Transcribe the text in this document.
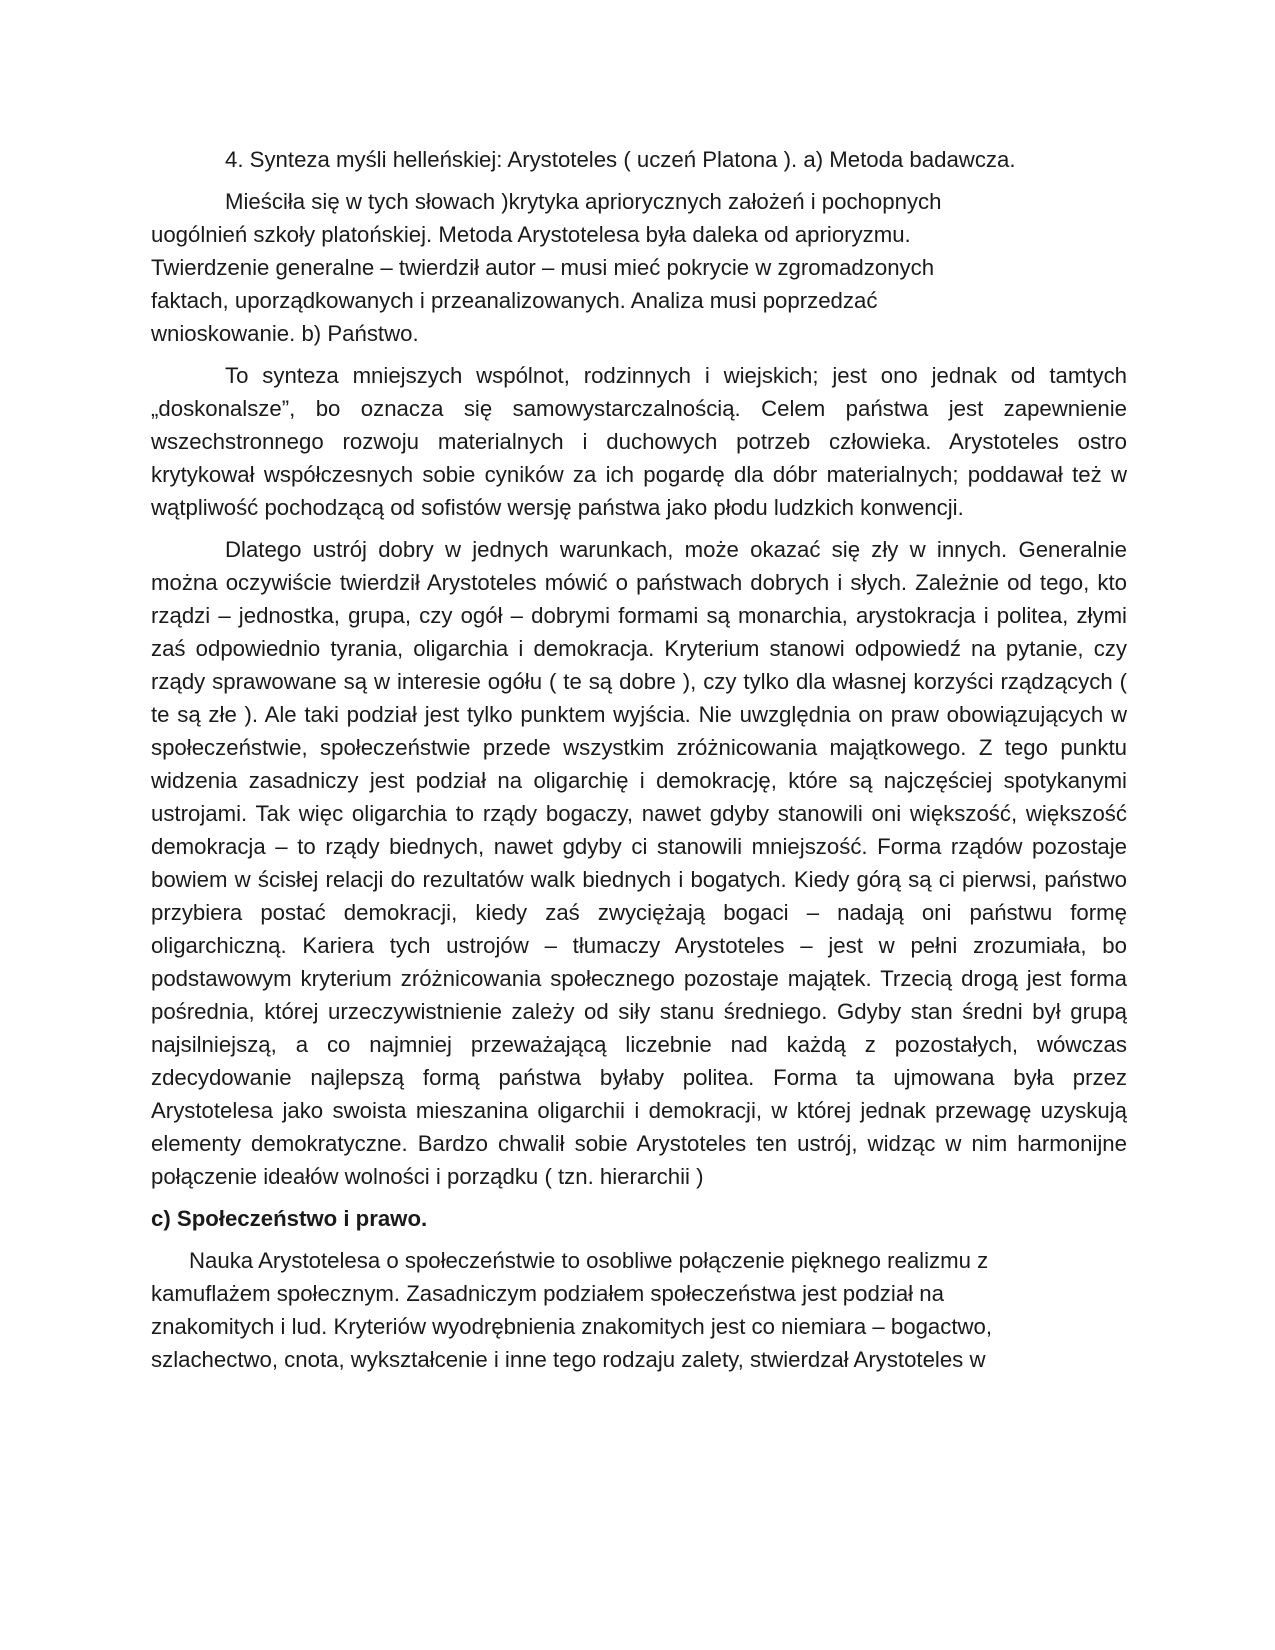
4. Synteza myśli helleńskiej: Arystoteles ( uczeń Platona ). a) Metoda badawcza.

Mieściła się w tych słowach )krytyka apriorycznych założeń i pochopnych

uogólnień szkoły platońskiej. Metoda Arystotelesa była daleka od aprioryzmu.

Twierdzenie generalne – twierdził autor – musi mieć pokrycie w zgromadzonych

faktach, uporządkowanych i przeanalizowanych. Analiza musi poprzedzać

wnioskowanie. b) Państwo.

To synteza mniejszych wspólnot, rodzinnych i wiejskich; jest ono jednak od tamtych „doskonalsze”, bo oznacza się samowystarczalnością. Celem państwa jest zapewnienie wszechstronnego rozwoju materialnych i duchowych potrzeb człowieka. Arystoteles ostro krytykował współczesnych sobie cyników za ich pogardę dla dóbr materialnych; poddawał też w wątpliwość pochodzącą od sofistów wersję państwa jako płodu ludzkich konwencji.

Dlatego ustrój dobry w jednych warunkach, może okazać się zły w innych. Generalnie można oczywiście twierdził Arystoteles mówić o państwach dobrych i słych. Zależnie od tego, kto rządzi – jednostka, grupa, czy ogół – dobrymi formami są monarchia, arystokracja i politea, złymi zaś odpowiednio tyrania, oligarchia i demokracja. Kryterium stanowi odpowiedź na pytanie, czy rządy sprawowane są w interesie ogółu ( te są dobre ), czy tylko dla własnej korzyści rządzących ( te są złe ). Ale taki podział jest tylko punktem wyjścia. Nie uwzględnia on praw obowiązujących w społeczeństwie, społeczeństwie przede wszystkim zróżnicowania majątkowego. Z tego punktu widzenia zasadniczy jest podział na oligarchię i demokrację, które są najczęściej spotykanymi ustrojami. Tak więc oligarchia to rządy bogaczy, nawet gdyby stanowili oni większość, większość demokracja – to rządy biednych, nawet gdyby ci stanowili mniejszość. Forma rządów pozostaje bowiem w ścisłej relacji do rezultatów walk biednych i bogatych. Kiedy górą są ci pierwsi, państwo przybiera postać demokracji, kiedy zaś zwyciężają bogaci – nadają oni państwu formę oligarchiczną. Kariera tych ustrojów – tłumaczy Arystoteles – jest w pełni zrozumiała, bo podstawowym kryterium zróżnicowania społecznego pozostaje majątek. Trzecią drogą jest forma pośrednia, której urzeczywistnienie zależy od siły stanu średniego. Gdyby stan średni był grupą najsilniejszą, a co najmniej przeważającą liczebnie nad każdą z pozostałych, wówczas zdecydowanie najlepszą formą państwa byłaby politea. Forma ta ujmowana była przez Arystotelesa jako swoista mieszanina oligarchii i demokracji, w której jednak przewagę uzyskują elementy demokratyczne. Bardzo chwalił sobie Arystoteles ten ustrój, widząc w nim harmonijne połączenie ideałów wolności i porządku ( tzn. hierarchii )

c) Społeczeństwo i prawo.

Nauka Arystotelesa o społeczeństwie to osobliwe połączenie pięknego realizmu z

kamuflażem społecznym. Zasadniczym podziałem społeczeństwa jest podział na

znakomitych i lud. Kryteriów wyodrębnienia znakomitych jest co niemiara – bogactwo,

szlachectwo, cnota, wykształcenie i inne tego rodzaju zalety, stwierdzał Arystoteles w
